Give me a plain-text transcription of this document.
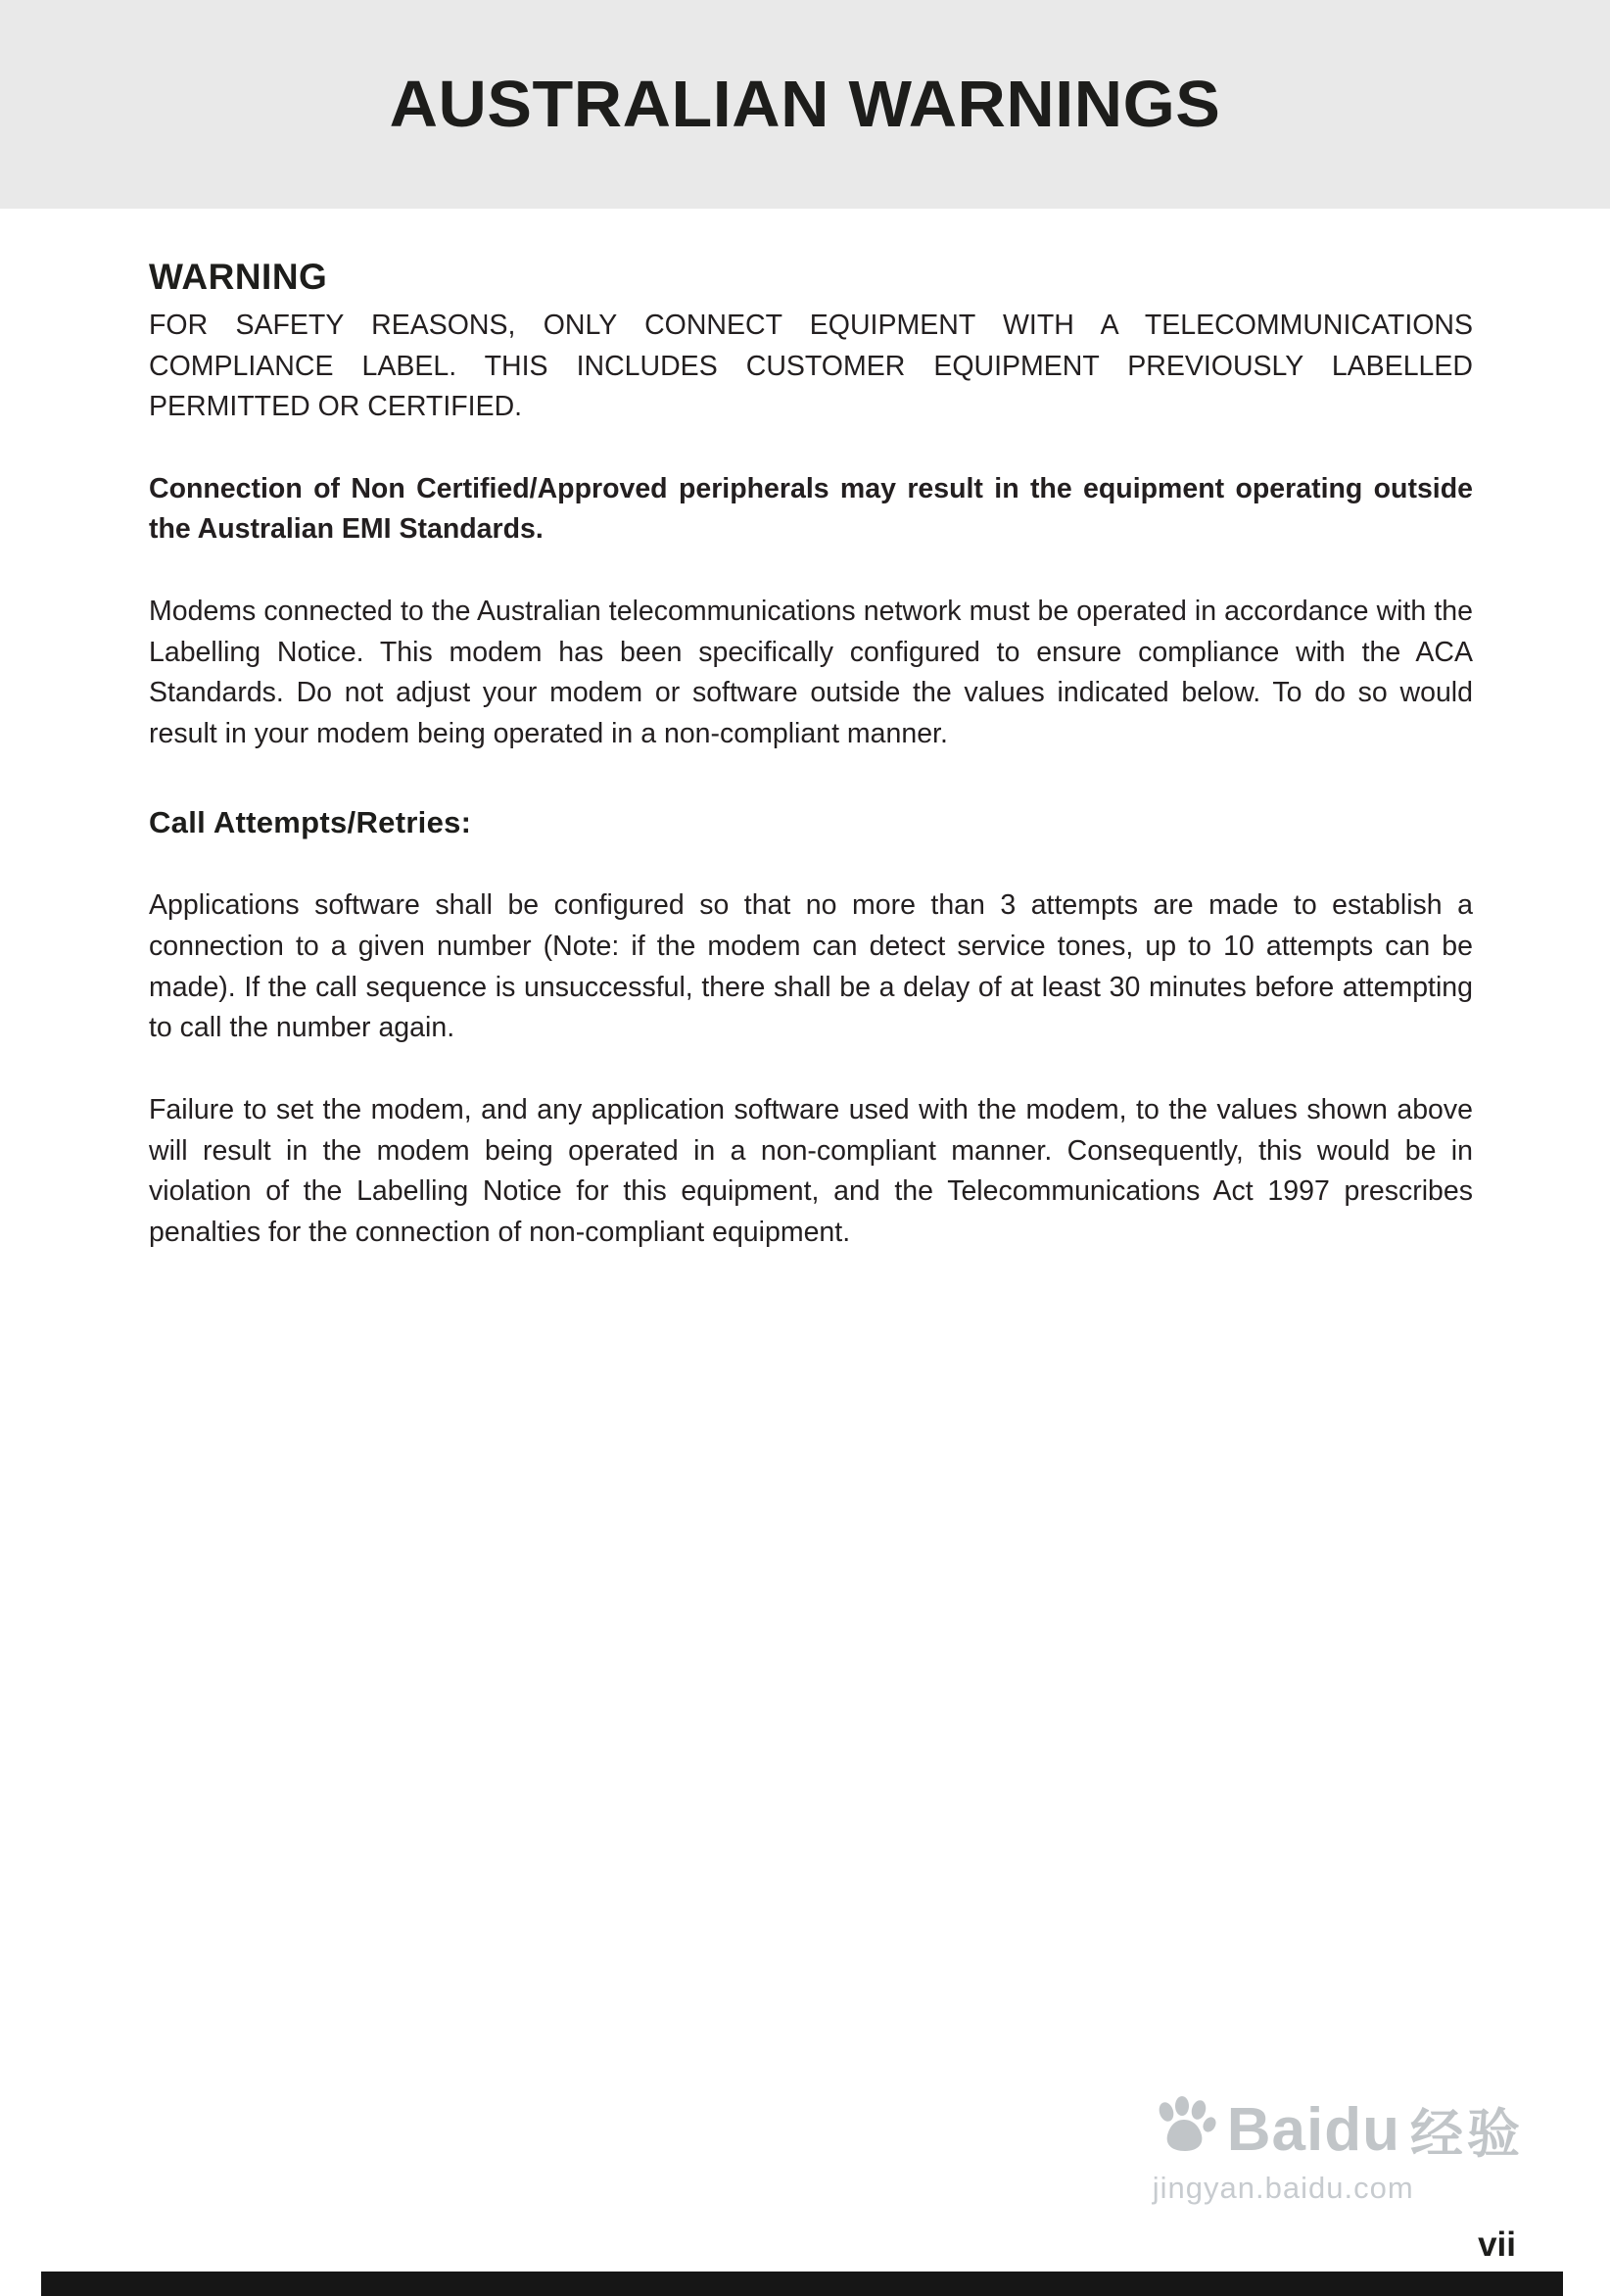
AUSTRALIAN WARNINGS
WARNING

FOR SAFETY REASONS, ONLY CONNECT EQUIPMENT WITH A TELECOMMUNICATIONS COMPLIANCE LABEL. THIS INCLUDES CUSTOMER EQUIPMENT PREVIOUSLY LABELLED PERMITTED OR CERTIFIED.

Connection of Non Certified/Approved peripherals may result in the equipment operating outside the Australian EMI Standards.

Modems connected to the Australian telecommunications network must be operated in accordance with the Labelling Notice. This modem has been specifically configured to ensure compliance with the ACA Standards. Do not adjust your modem or software outside the values indicated below. To do so would result in your modem being operated in a non-compliant manner.

Call Attempts/Retries:

Applications software shall be configured so that no more than 3 attempts are made to establish a connection to a given number (Note: if the modem can detect service tones, up to 10 attempts can be made). If the call sequence is unsuccessful, there shall be a delay of at least 30 minutes before attempting to call the number again.

Failure to set the modem, and any application software used with the modem, to the values shown above will result in the modem being operated in a non-compliant manner. Consequently, this would be in violation of the Labelling Notice for this equipment, and the Telecommunications Act 1997 prescribes penalties for the connection of non-compliant equipment.

Baidu 经验
jingyan.baidu.com
vii
